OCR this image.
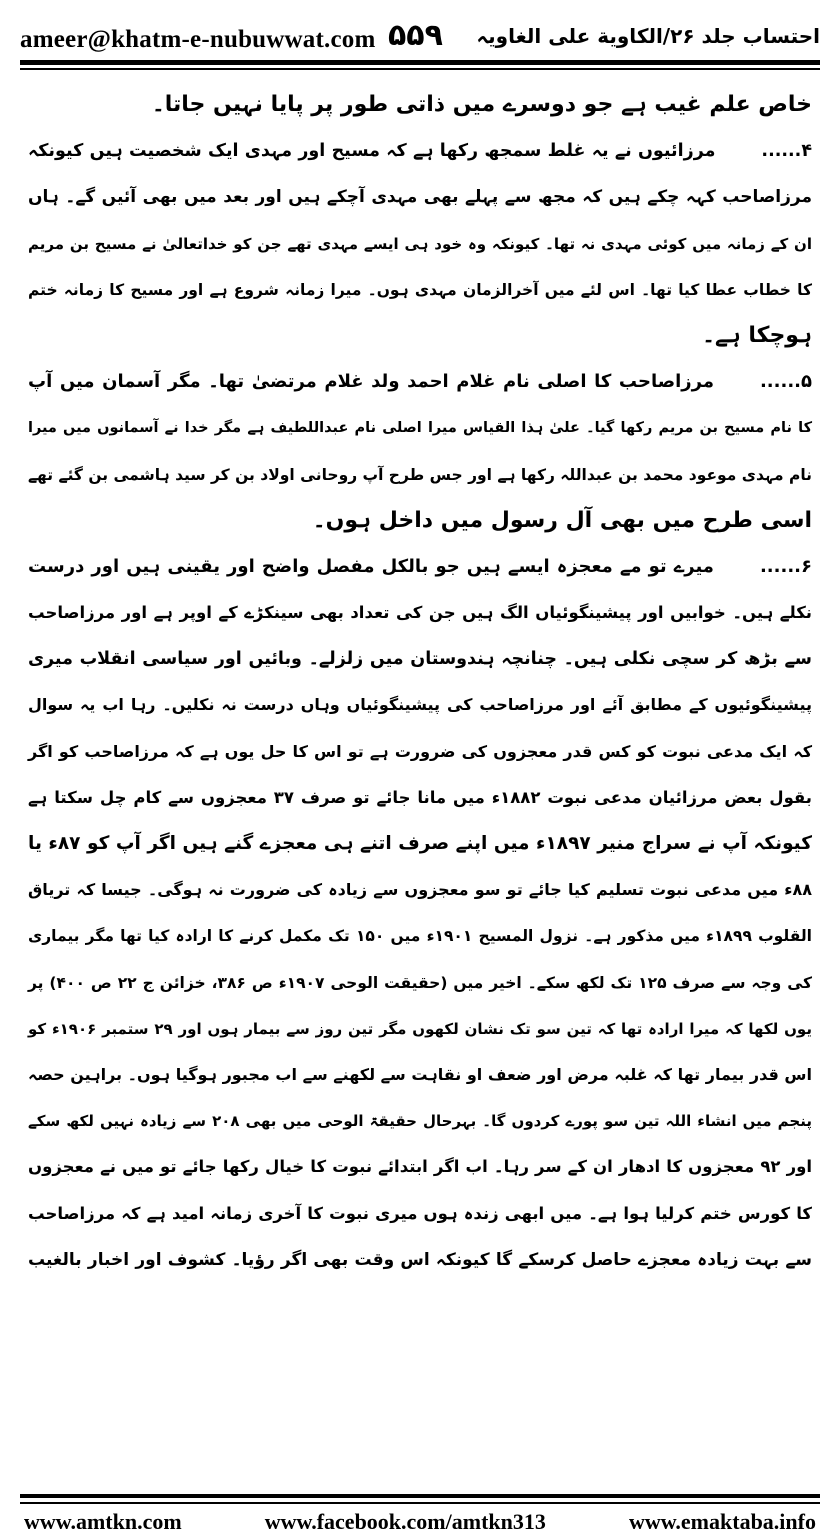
ameer@khatm-e-nubuwwat.com ۵۵۹ احتساب جلد ۲۶/الکاویة علی الغاویہ
خاص علم غیب ہے جو دوسرے میں ذاتی طور پر پایا نہیں جاتا۔
۴......مرزائیوں نے یہ غلط سمجھ رکھا ہے کہ مسیح اور مہدی ایک شخصیت ہیں کیونکہ
مرزاصاحب کہہ چکے ہیں کہ مجھ سے پہلے بھی مہدی آچکے ہیں اور بعد میں بھی آئیں گے۔ ہاں
ان کے زمانہ میں کوئی مہدی نہ تھا۔ کیونکہ وہ خود ہی ایسے مہدی تھے جن کو خداتعالیٰ نے مسیح بن مریم
کا خطاب عطا کیا تھا۔ اس لئے میں آخرالزمان مہدی ہوں۔ میرا زمانہ شروع ہے اور مسیح کا زمانہ ختم
ہوچکا ہے۔
۵......مرزاصاحب کا اصلی نام غلام احمد ولد غلام مرتضیٰ تھا۔ مگر آسمان میں آپ
کا نام مسیح بن مریم رکھا گیا۔ علیٰ ہذا القیاس میرا اصلی نام عبداللطیف ہے مگر خدا نے آسمانوں میں میرا
نام مہدی موعود محمد بن عبداللہ رکھا ہے اور جس طرح آپ روحانی اولاد بن کر سید ہاشمی بن گئے تھے
اسی طرح میں بھی آل رسول میں داخل ہوں۔
۶......میرے تو مے معجزہ ایسے ہیں جو بالکل مفصل واضح اور یقینی ہیں اور درست
نکلے ہیں۔ خوابیں اور پیشینگوئیاں الگ ہیں جن کی تعداد بھی سینکڑے کے اوپر ہے اور مرزاصاحب
سے بڑھ کر سچی نکلی ہیں۔ چنانچہ ہندوستان میں زلزلے۔ وبائیں اور سیاسی انقلاب میری
پیشینگوئیوں کے مطابق آئے اور مرزاصاحب کی پیشینگوئیاں وہاں درست نہ نکلیں۔ رہا اب یہ سوال
کہ ایک مدعی نبوت کو کس قدر معجزوں کی ضرورت ہے تو اس کا حل یوں ہے کہ مرزاصاحب کو اگر
بقول بعض مرزائیان مدعی نبوت ۱۸۸۲ء میں مانا جائے تو صرف ۳۷ معجزوں سے کام چل سکتا ہے
کیونکہ آپ نے سراج منیر ۱۸۹۷ء میں اپنے صرف اتنے ہی معجزے گنے ہیں اگر آپ کو ۸۷ء یا
۸۸ء میں مدعی نبوت تسلیم کیا جائے تو سو معجزوں سے زیادہ کی ضرورت نہ ہوگی۔ جیسا کہ تریاق
القلوب ۱۸۹۹ء میں مذکور ہے۔ نزول المسیح ۱۹۰۱ء میں ۱۵۰ تک مکمل کرنے کا ارادہ کیا تھا مگر بیماری
کی وجہ سے صرف ۱۲۵ تک لکھ سکے۔ اخیر میں (حقیقت الوحی ۱۹۰۷ء ص ۳۸۶، خزائن ج ۲۲ ص ۴۰۰) پر
یوں لکھا کہ میرا ارادہ تھا کہ تین سو تک نشان لکھوں مگر تین روز سے بیمار ہوں اور ۲۹ ستمبر ۱۹۰۶ء کو
اس قدر بیمار تھا کہ غلبہ مرض اور ضعف او نقاہت سے لکھنے سے اب مجبور ہوگیا ہوں۔ براہین حصہ
پنجم میں انشاء اللہ تین سو پورے کردوں گا۔ بہرحال حقیقۃ الوحی میں بھی ۲۰۸ سے زیادہ نہیں لکھ سکے
اور ۹۲ معجزوں کا ادھار ان کے سر رہا۔ اب اگر ابتدائے نبوت کا خیال رکھا جائے تو میں نے معجزوں
کا کورس ختم کرلیا ہوا ہے۔ میں ابھی زندہ ہوں میری نبوت کا آخری زمانہ امید ہے کہ مرزاصاحب
سے بہت زیادہ معجزے حاصل کرسکے گا کیونکہ اس وقت بھی اگر رؤیا۔ کشوف اور اخبار بالغیب
www.amtkn.com	www.facebook.com/amtkn313	www.emaktaba.info
